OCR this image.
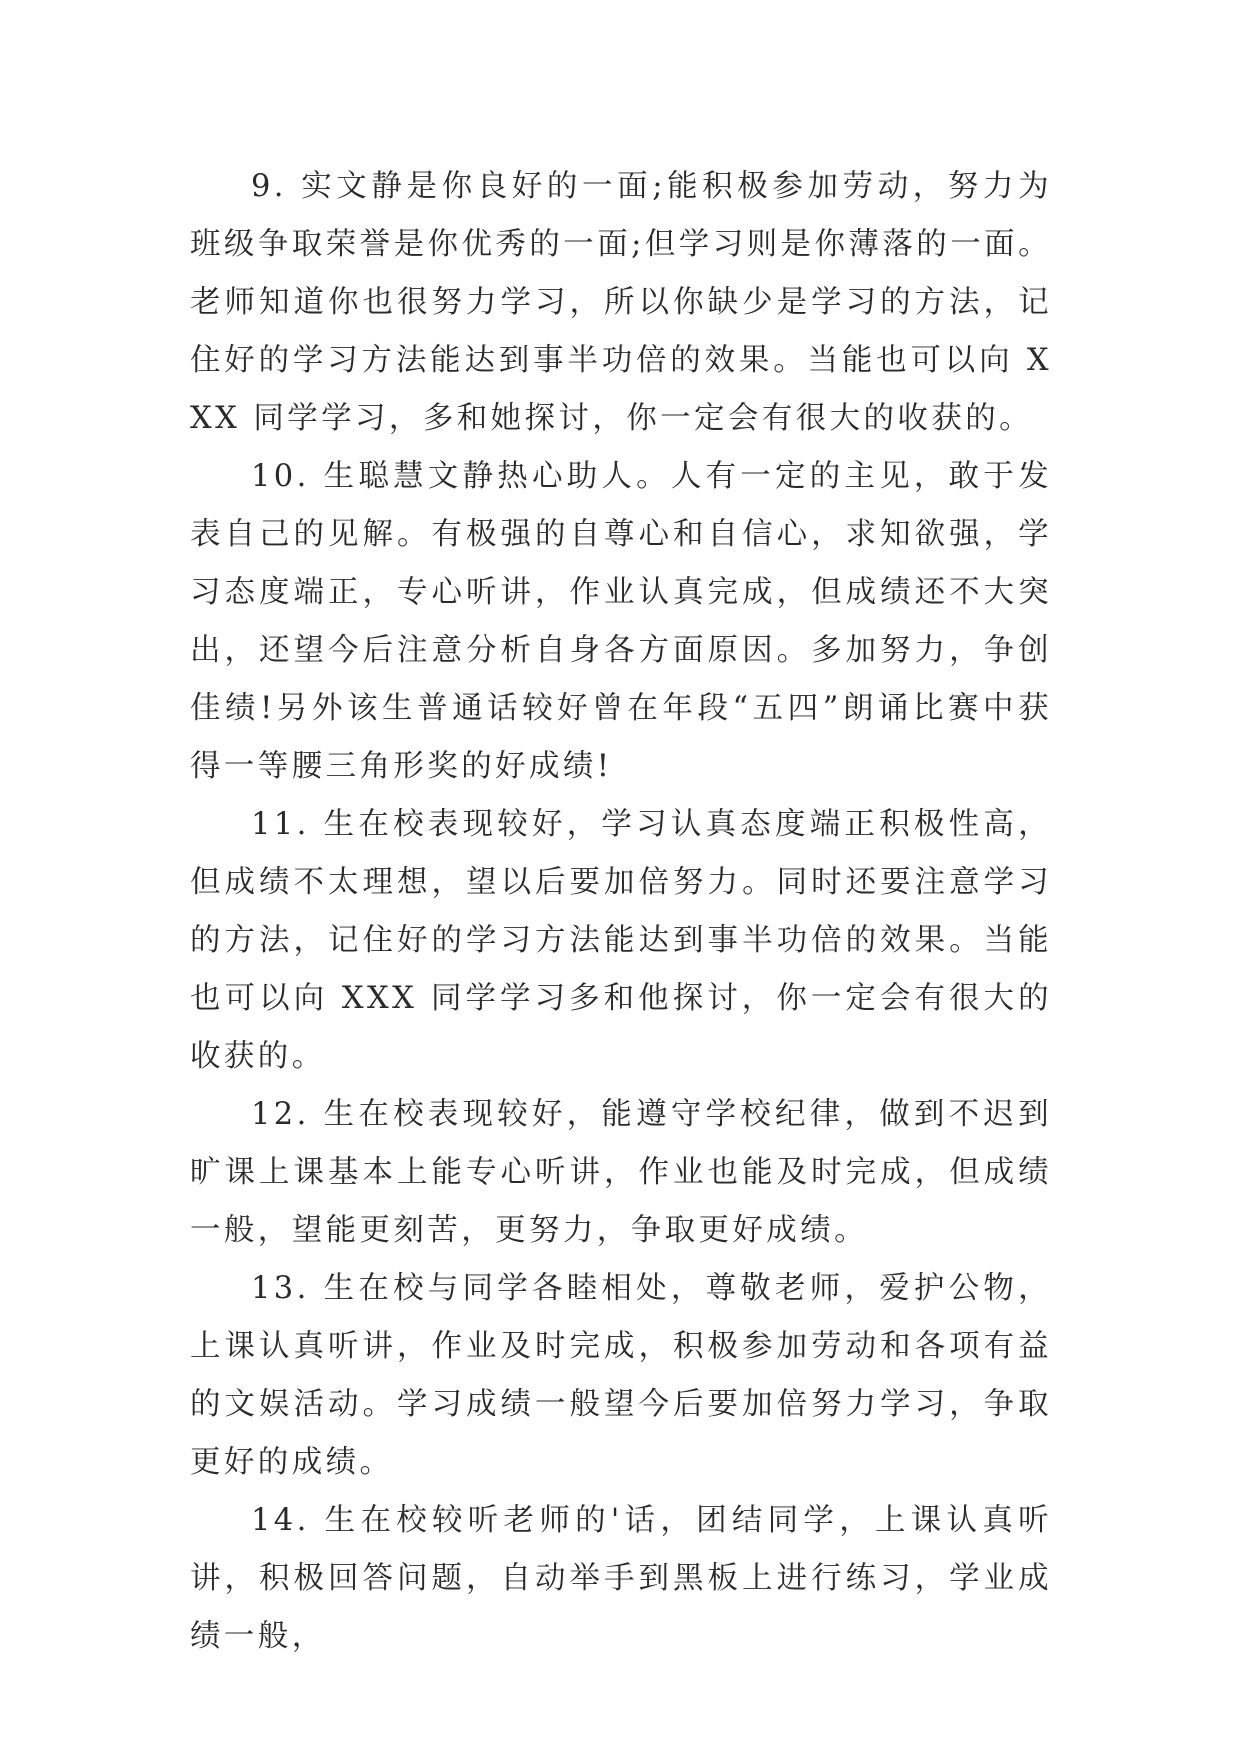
9. 实文静是你良好的一面;能积极参加劳动，努力为班级争取荣誉是你优秀的一面;但学习则是你薄落的一面。老师知道你也很努力学习，所以你缺少是学习的方法，记住好的学习方法能达到事半功倍的效果。当能也可以向 XXX 同学学习，多和她探讨，你一定会有很大的收获的。

10. 生聪慧文静热心助人。人有一定的主见，敢于发表自己的见解。有极强的自尊心和自信心，求知欲强，学习态度端正，专心听讲，作业认真完成，但成绩还不大突出，还望今后注意分析自身各方面原因。多加努力，争创佳绩!另外该生普通话较好曾在年段“五四”朗诵比赛中获得一等腰三角形奖的好成绩!

11. 生在校表现较好，学习认真态度端正积极性高，但成绩不太理想，望以后要加倍努力。同时还要注意学习的方法，记住好的学习方法能达到事半功倍的效果。当能也可以向 XXX 同学学习多和他探讨，你一定会有很大的收获的。

12. 生在校表现较好，能遵守学校纪律，做到不迟到旷课上课基本上能专心听讲，作业也能及时完成，但成绩一般，望能更刻苦，更努力，争取更好成绩。

13. 生在校与同学各睦相处，尊敬老师，爱护公物，上课认真听讲，作业及时完成，积极参加劳动和各项有益的文娱活动。学习成绩一般望今后要加倍努力学习，争取更好的成绩。

14. 生在校较听老师的'话，团结同学，上课认真听讲，积极回答问题，自动举手到黑板上进行练习，学业成绩一般，
